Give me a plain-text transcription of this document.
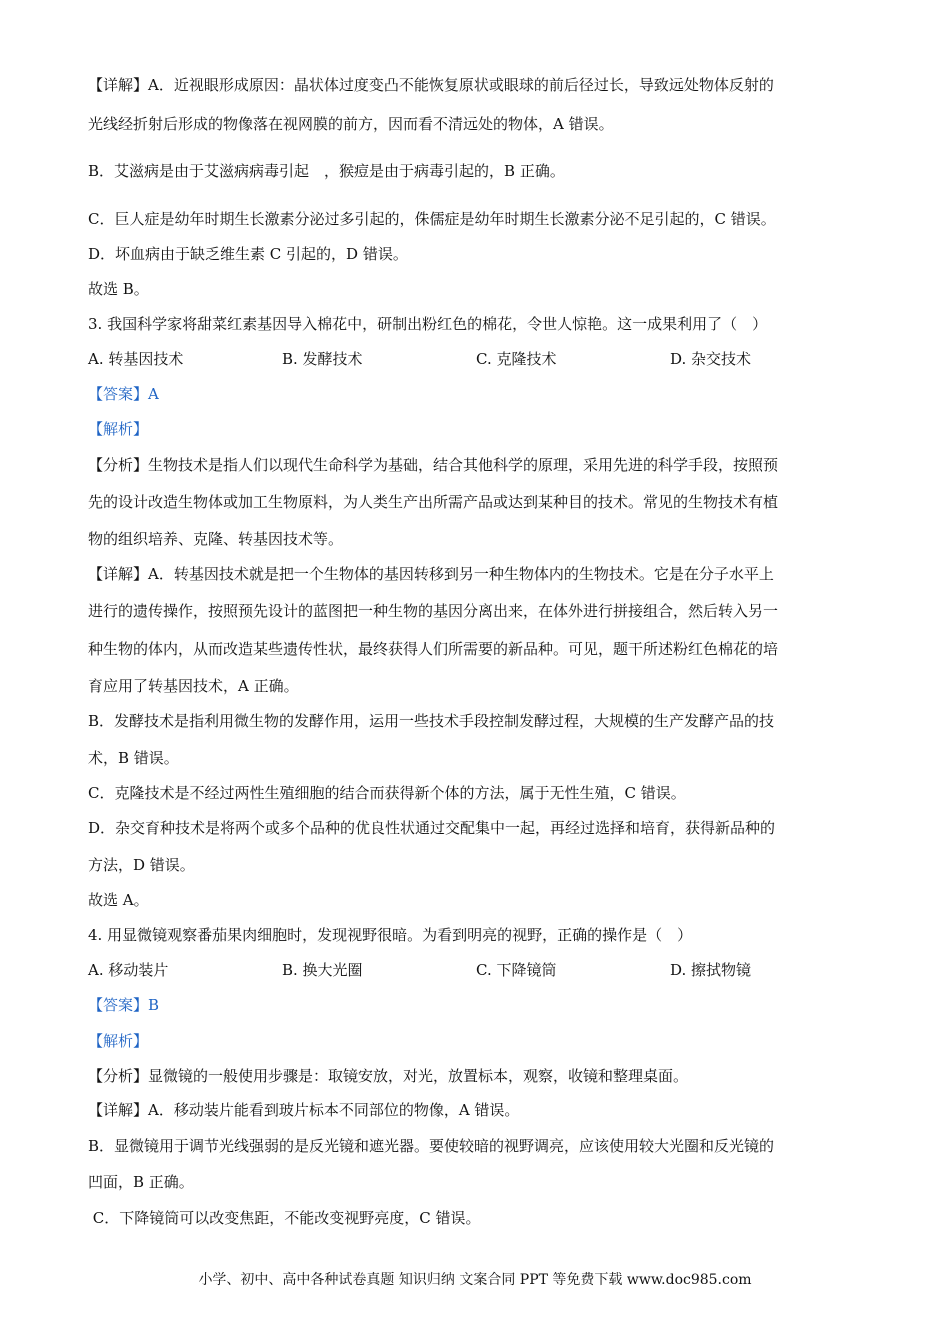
【详解】A．近视眼形成原因：晶状体过度变凸不能恢复原状或眼球的前后径过长，导致远处物体反射的
光线经折射后形成的物像落在视网膜的前方，因而看不清远处的物体，A 错误。
B．艾滋病是由于艾滋病病毒引起　，猴痘是由于病毒引起的，B 正确。
C．巨人症是幼年时期生长激素分泌过多引起的，侏儒症是幼年时期生长激素分泌不足引起的，C 错误。
D．坏血病由于缺乏维生素 C 引起的，D 错误。
故选 B。
3. 我国科学家将甜菜红素基因导入棉花中，研制出粉红色的棉花，令世人惊艳。这一成果利用了（　）
A. 转基因技术	B. 发酵技术	C. 克隆技术	D. 杂交技术
【答案】A
【解析】
【分析】生物技术是指人们以现代生命科学为基础，结合其他科学的原理，采用先进的科学手段，按照预
先的设计改造生物体或加工生物原料，为人类生产出所需产品或达到某种目的技术。常见的生物技术有植
物的组织培养、克隆、转基因技术等。
【详解】A．转基因技术就是把一个生物体的基因转移到另一种生物体内的生物技术。它是在分子水平上
进行的遗传操作，按照预先设计的蓝图把一种生物的基因分离出来，在体外进行拼接组合，然后转入另一
种生物的体内，从而改造某些遗传性状，最终获得人们所需要的新品种。可见，题干所述粉红色棉花的培
育应用了转基因技术，A 正确。
B．发酵技术是指利用微生物的发酵作用，运用一些技术手段控制发酵过程，大规模的生产发酵产品的技
术，B 错误。
C．克隆技术是不经过两性生殖细胞的结合而获得新个体的方法，属于无性生殖，C 错误。
D．杂交育种技术是将两个或多个品种的优良性状通过交配集中一起，再经过选择和培育，获得新品种的
方法，D 错误。
故选 A。
4. 用显微镜观察番茄果肉细胞时，发现视野很暗。为看到明亮的视野，正确的操作是（　）
A. 移动装片	B. 换大光圈	C. 下降镜筒	D. 擦拭物镜
【答案】B
【解析】
【分析】显微镜的一般使用步骤是：取镜安放，对光，放置标本，观察，收镜和整理桌面。
【详解】A．移动装片能看到玻片标本不同部位的物像，A 错误。
B．显微镜用于调节光线强弱的是反光镜和遮光器。要使较暗的视野调亮，应该使用较大光圈和反光镜的
凹面，B 正确。
C．下降镜筒可以改变焦距，不能改变视野亮度，C 错误。
小学、初中、高中各种试卷真题 知识归纳 文案合同 PPT 等免费下载 www.doc985.com
